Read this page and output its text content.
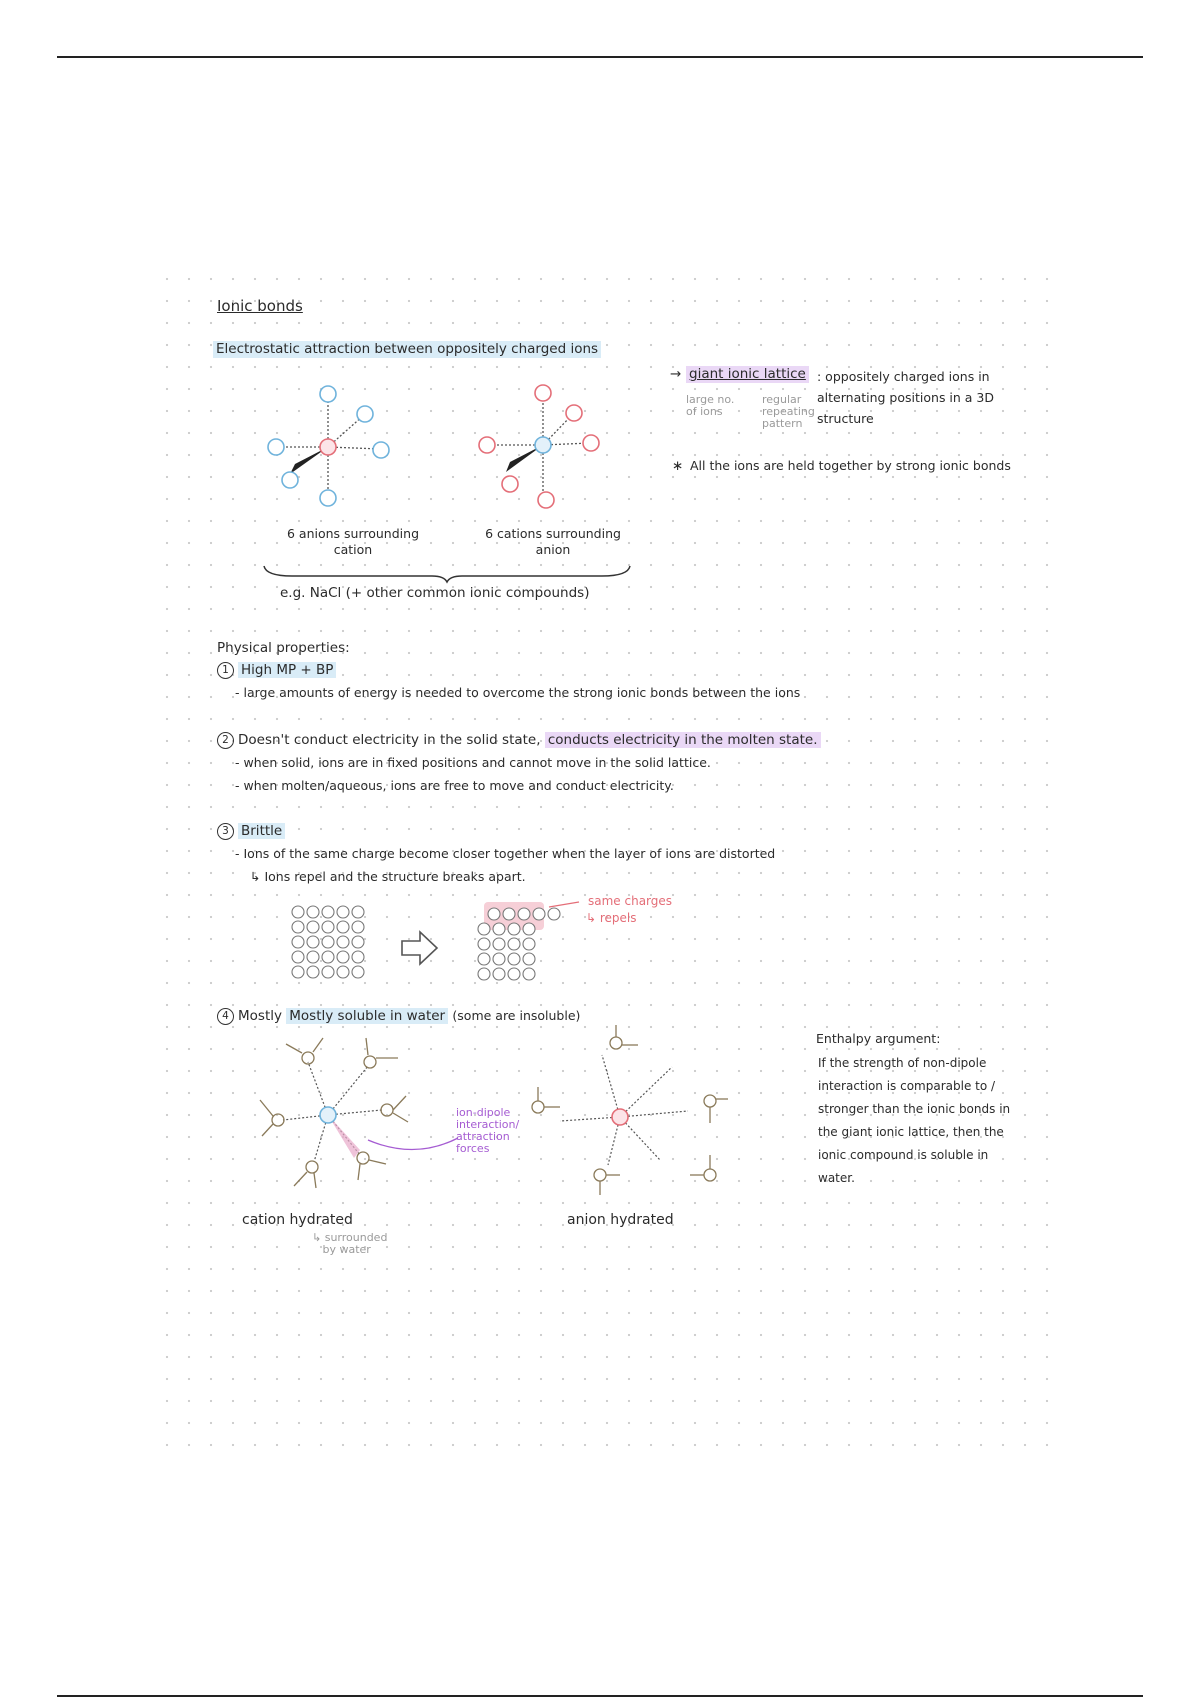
Ionic bonds
Electrostatic attraction between oppositely charged ions
6 anions surrounding cation
6 cations surrounding anion
e.g. NaCl (+ other common ionic compounds)
→ giant ionic lattice : oppositely charged ions in alternating positions in a 3D structure
large no. of ions
regular repeating pattern
∗ All the ions are held together by strong ionic bonds
Physical properties:
1 High MP + BP
- large amounts of energy is needed to overcome the strong ionic bonds between the ions
2 Doesn't conduct electricity in the solid state, conducts electricity in the molten state.
- when solid, ions are in fixed positions and cannot move in the solid lattice.
- when molten/aqueous, ions are free to move and conduct electricity.
3 Brittle
- Ions of the same charge become closer together when the layer of ions are distorted
↳ Ions repel and the structure breaks apart.
same charges
↳ repels
4 Mostly Mostly soluble in water (some are insoluble)
ion-dipole
interaction/
attraction
forces
cation hydrated
↳ surrounded
by water
anion hydrated
Enthalpy argument:
If the strength of non-dipole
interaction is comparable to /
stronger than the ionic bonds in
the giant ionic lattice, then the
ionic compound is soluble in
water.
